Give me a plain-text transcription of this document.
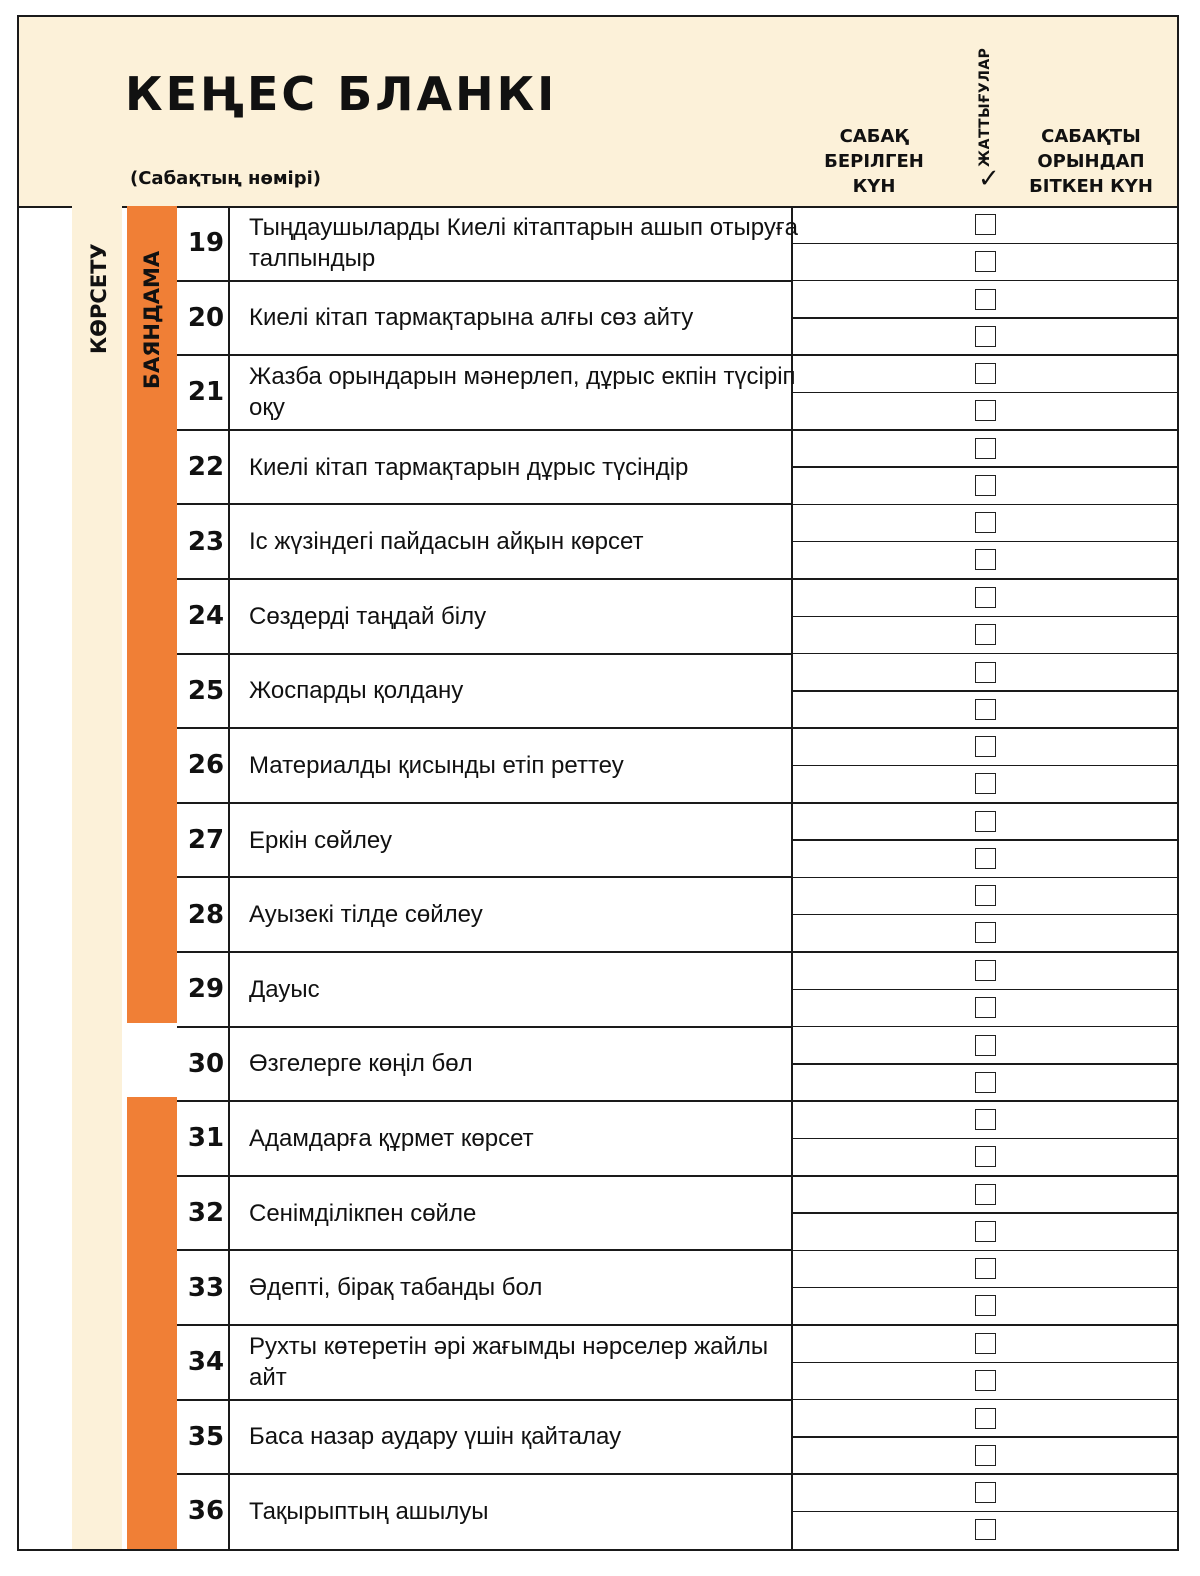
КЕҢЕС БЛАНКІ
(Сабақтың нөмірі)
САБАҚ
БЕРІЛГЕН
КҮН
ЖАТТЫҒУЛАР
✓
САБАҚТЫ
ОРЫНДАП
БІТКЕН КҮН
КӨРСЕТУ БАЯНДАМА
19
Тыңдаушыларды Киелі кітаптарын ашып отыруға талпындыр
20 Киелі кітап тармақтарына алғы сөз айту
21
Жазба орындарын мәнерлеп, дұрыс екпін түсіріп оқу
22 Киелі кітап тармақтарын дұрыс түсіндір
23 Іс жүзіндегі пайдасын айқын көрсет
24 Сөздерді таңдай білу
25 Жоспарды қолдану
26 Материалды қисынды етіп реттеу
27 Еркін сөйлеу
28 Ауызекі тілде сөйлеу
29 Дауыс
30 Өзгелерге көңіл бөл
31 Адамдарға құрмет көрсет
32 Сенімділікпен сөйле
33 Әдепті, бірақ табанды бол
34
Рухты көтеретін әрі жағымды нәрселер жайлы айт
35 Баса назар аудару үшін қайталау
36 Тақырыптың ашылуы
